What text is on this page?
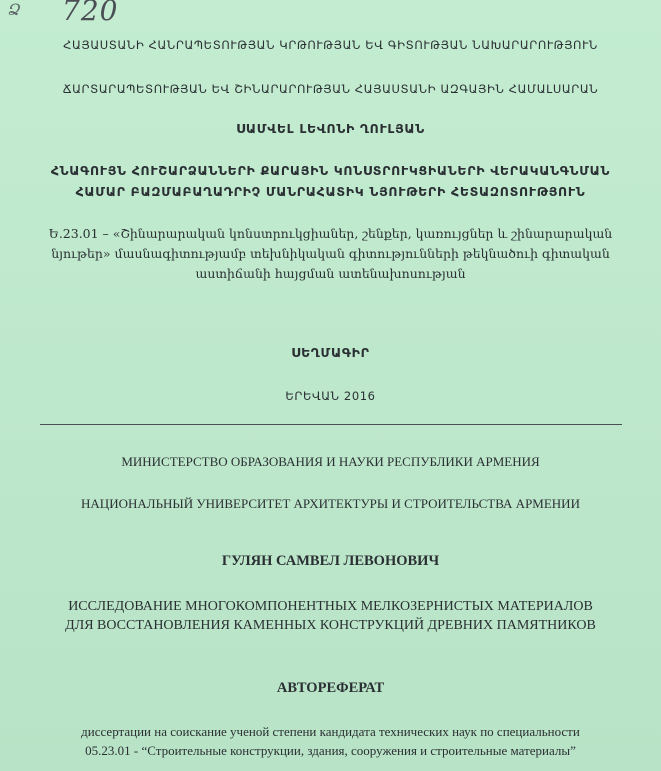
Ձ 720
ՀԱՅԱՍՏԱՆԻ ՀԱՆՐԱՊԵՏՈՒԹՅԱՆ ԿՐԹՈՒԹՅԱՆ ԵՎ ԳԻՏՈՒԹՅԱՆ ՆԱԽԱՐԱՐՈՒԹՅՈՒՆ
ՃԱՐՏԱՐԱՊԵՏՈՒԹՅԱՆ ԵՎ ՇԻՆԱՐԱՐՈՒԹՅԱՆ ՀԱՅԱՍՏԱՆԻ ԱԶԳԱՅԻՆ ՀԱՄԱԼՍԱՐԱՆ
ՍԱՄՎԵԼ ԼԵՎՈՆԻ ՂՈՒԼՅԱՆ
ՀՆԱԳՈՒՅՆ ՀՈՒՇԱՐՁԱՆՆԵՐԻ ՔԱՐԱՅԻՆ ԿՈՆՍՏՐՈՒԿՑԻԱՆԵՐԻ ՎԵՐԱԿԱՆԳՆՄԱՆ
ՀԱՄԱՐ ԲԱԶՄԱԲԱՂԱԴՐԻՉ ՄԱՆՐԱՀԱՏԻԿ ՆՅՈՒԹԵՐԻ ՀԵՏԱԶՈՏՈՒԹՅՈՒՆ
Ե.23.01 – «Շինարարական կոնստրուկցիաներ, շենքեր, կառույցներ և շինարարական
նյութեր» մասնագիտությամբ տեխնիկական գիտությունների թեկնածուի գիտական
աստիճանի հայցման ատենախոսության
ՍԵՂՄԱԳԻՐ
ԵՐԵՎԱՆ 2016
МИНИСТЕРСТВО ОБРАЗОВАНИЯ И НАУКИ РЕСПУБЛИКИ АРМЕНИЯ
НАЦИОНАЛЬНЫЙ УНИВЕРСИТЕТ АРХИТЕКТУРЫ И СТРОИТЕЛЬСТВА АРМЕНИИ
ГУЛЯН САМВЕЛ ЛЕВОНОВИЧ
ИССЛЕДОВАНИЕ МНОГОКОМПОНЕНТНЫХ МЕЛКОЗЕРНИСТЫХ МАТЕРИАЛОВ
ДЛЯ ВОССТАНОВЛЕНИЯ КАМЕННЫХ КОНСТРУКЦИЙ ДРЕВНИХ ПАМЯТНИКОВ
АВТОРЕФЕРАТ
диссертации на соискание ученой степени кандидата технических наук по специальности
05.23.01 - “Строительные конструкции, здания, сооружения и строительные материалы”
